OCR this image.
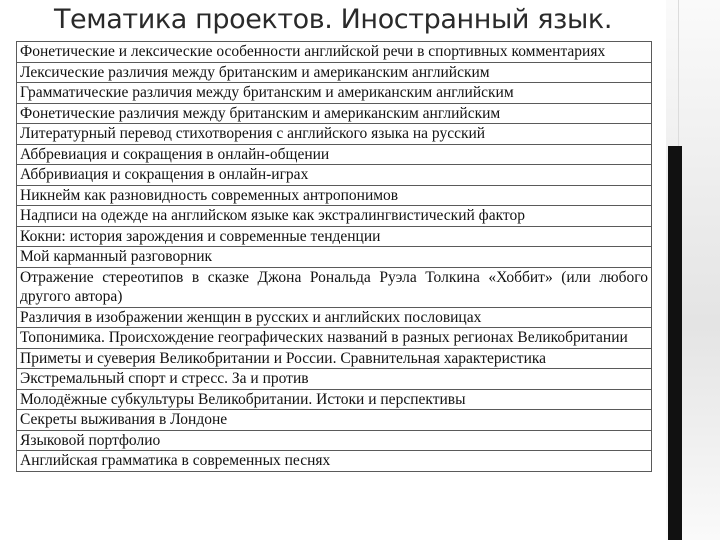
Тематика проектов. Иностранный язык.
Фонетические и лексические особенности английской речи в спортивных комментариях
Лексические различия между британским и американским английским
Грамматические различия между британским и американским английским
Фонетические различия между британским и американским английским
Литературный перевод стихотворения с английского языка на русский
Аббревиация и сокращения в онлайн-общении
Аббривиация и сокращения в онлайн-играх
Никнейм как разновидность современных антропонимов
Надписи на одежде на английском языке как экстралингвистический фактор
Кокни: история зарождения и современные тенденции
Мой карманный разговорник
Отражение стереотипов в сказке Джона Рональда Руэла Толкина «Хоббит» (или любого другого автора)
Различия в изображении женщин в русских и английских пословицах
Топонимика. Происхождение географических названий в разных регионах Великобритании
Приметы и суеверия Великобритании и России. Сравнительная характеристика
Экстремальный спорт и стресс. За и против
Молодёжные субкультуры Великобритании. Истоки и перспективы
Секреты выживания в Лондоне
Языковой портфолио
Английская грамматика в современных песнях
